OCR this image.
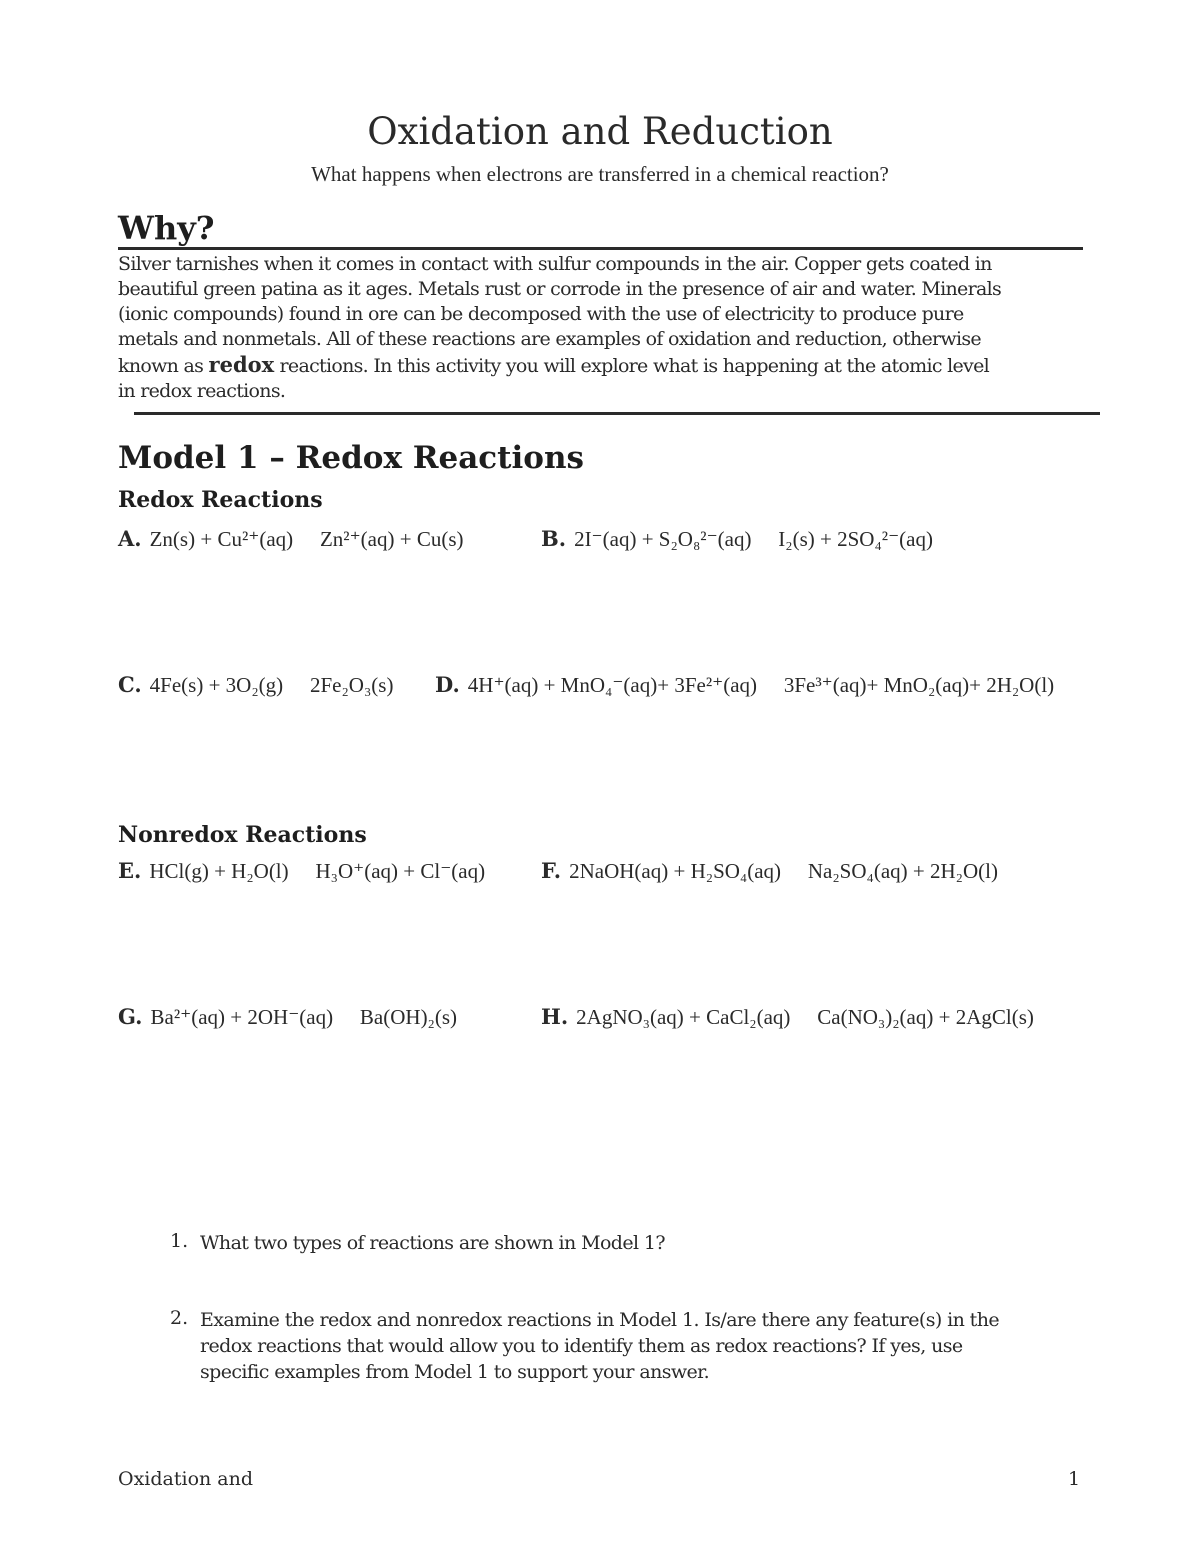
Oxidation and Reduction
What happens when electrons are transferred in a chemical reaction?
Why?
Silver tarnishes when it comes in contact with sulfur compounds in the air. Copper gets coated in
beautiful green patina as it ages. Metals rust or corrode in the presence of air and water. Minerals
(ionic compounds) found in ore can be decomposed with the use of electricity to produce pure
metals and nonmetals. All of these reactions are examples of oxidation and reduction, otherwise
known as redox reactions. In this activity you will explore what is happening at the atomic level
in redox reactions.
Model 1 – Redox Reactions
Redox Reactions
A. Zn(s) + Cu²⁺(aq)   Zn²⁺(aq) + Cu(s)	B. 2I⁻(aq) + S₂O₈²⁻(aq)   I₂(s) + 2SO₄²⁻(aq)
C. 4Fe(s) + 3O₂(g)   2Fe₂O₃(s) D. 4H⁺(aq) + MnO₄⁻(aq)+ 3Fe²⁺(aq)   3Fe³⁺(aq)+ MnO₂(aq)+ 2H₂O(l)
Nonredox Reactions
E. HCl(g) + H₂O(l)   H₃O⁺(aq) + Cl⁻(aq)	F. 2NaOH(aq) + H₂SO₄(aq)   Na₂SO₄(aq) + 2H₂O(l)
G. Ba²⁺(aq) + 2OH⁻(aq)   Ba(OH)₂(s)	H. 2AgNO₃(aq) + CaCl₂(aq)   Ca(NO₃)₂(aq) + 2AgCl(s)
1. What two types of reactions are shown in Model 1?
2. Examine the redox and nonredox reactions in Model 1. Is/are there any feature(s) in the
redox reactions that would allow you to identify them as redox reactions? If yes, use
specific examples from Model 1 to support your answer.
Oxidation and	1
